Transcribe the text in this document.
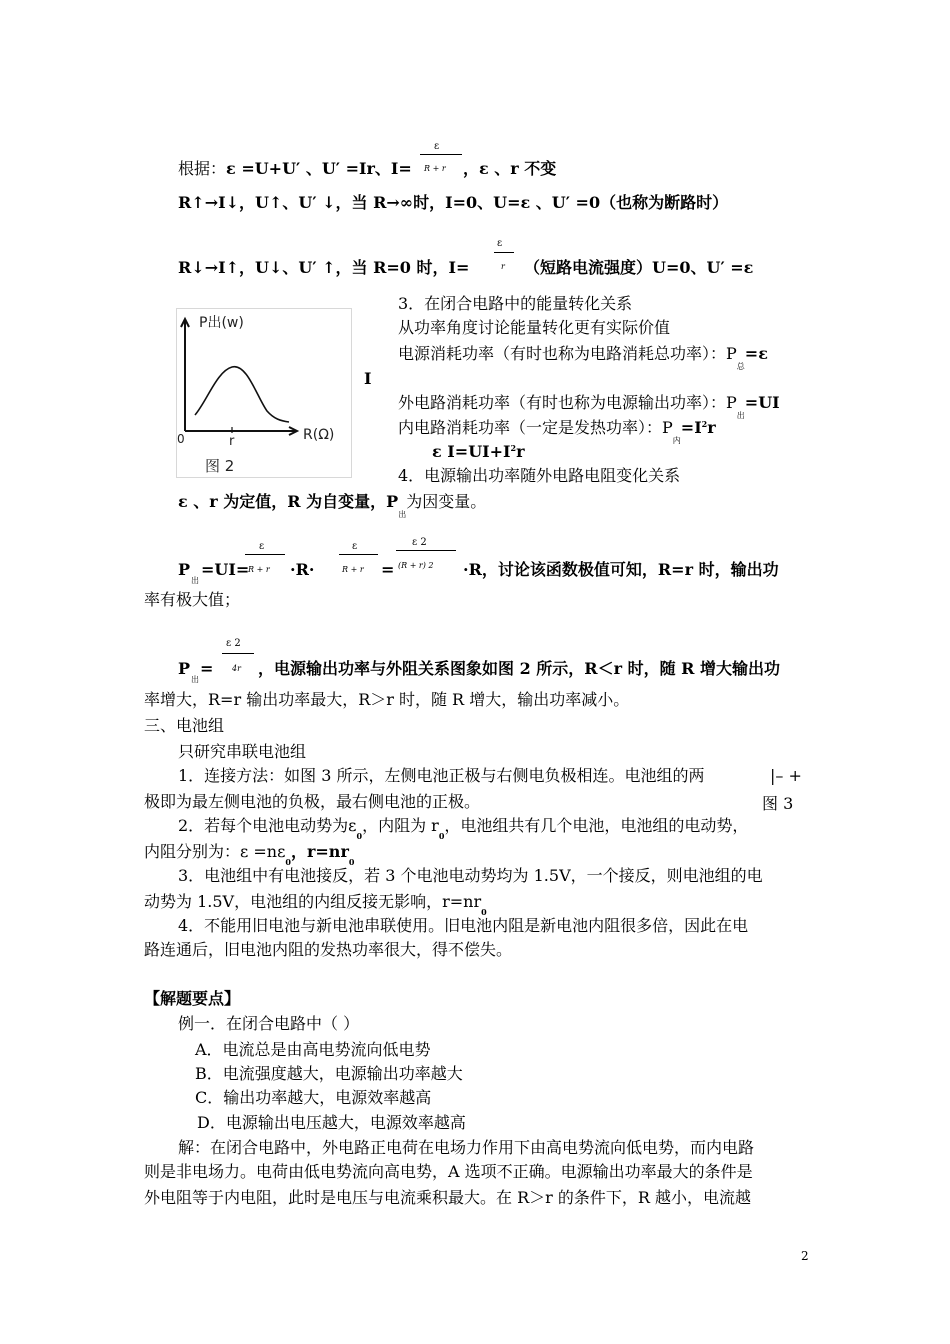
根据：ε =U+U′ 、U′ =Ir、I=
ε
R + r ，ε 、r 不变
R↑→I↓，U↑、U′ ↓，当 R→∞时，I=0、U=ε 、U′ =0（也称为断路时）
R↓→I↑，U↓、U′ ↑，当 R=0 时，I=
ε
r （短路电流强度）U=0、U′ =ε
P出(w)
0	r	R(Ω)
图 2
3．在闭合电路中的能量转化关系
从功率角度讨论能量转化更有实际价值
电源消耗功率（有时也称为电路消耗总功率）：$P_总=\varepsilon$
I
外电路消耗功率（有时也称为电源输出功率）：$P_出=UI$
内电路消耗功率（一定是发热功率）：$P_内=I^2r$
ε $I=UI+I^2r$
4．电源输出功率随外电路电阻变化关系
ε 、r 为定值，R 为自变量，$P_出$为因变量。
P
出
=UI=
ε
R + r ·R·
ε
R + r =
ε 2
(R + r) 2 ·R，讨论该函数极值可知，R=r 时，输出功
率有极大值；
P
出
=
ε 2
4r ，电源输出功率与外阻关系图象如图 2 所示，R＜r 时，随 R 增大输出功
率增大，R=r 输出功率最大，R＞r 时，随 R 增大，输出功率减小。
三、电池组
只研究串联电池组
1．连接方法：如图 3 所示，左侧电池正极与右侧电负极相连。电池组的两
极即为最左侧电池的负极，最右侧电池的正极。
|– +
图 3
2．若每个电池电动势为$\varepsilon_0$，内阻为 $r_0$，电池组共有几个电池，电池组的电动势，
内阻分别为：$\varepsilon =n\varepsilon_0$，$r=nr_0$
3．电池组中有电池接反，若 3 个电池电动势均为 1.5V，一个接反，则电池组的电
动势为 1.5V，电池组的内组反接无影响，$r=nr_0$
4．不能用旧电池与新电池串联使用。旧电池内阻是新电池内阻很多倍，因此在电
路连通后，旧电池内阻的发热功率很大，得不偿失。
【解题要点】
例一．在闭合电路中（ ）
A．电流总是由高电势流向低电势
B．电流强度越大，电源输出功率越大
C．输出功率越大，电源效率越高
D．电源输出电压越大，电源效率越高
解：在闭合电路中，外电路正电荷在电场力作用下由高电势流向低电势，而内电路
则是非电场力。电荷由低电势流向高电势，A 选项不正确。电源输出功率最大的条件是
外电阻等于内电阻，此时是电压与电流乘积最大。在 R＞r 的条件下，R 越小，电流越
2
